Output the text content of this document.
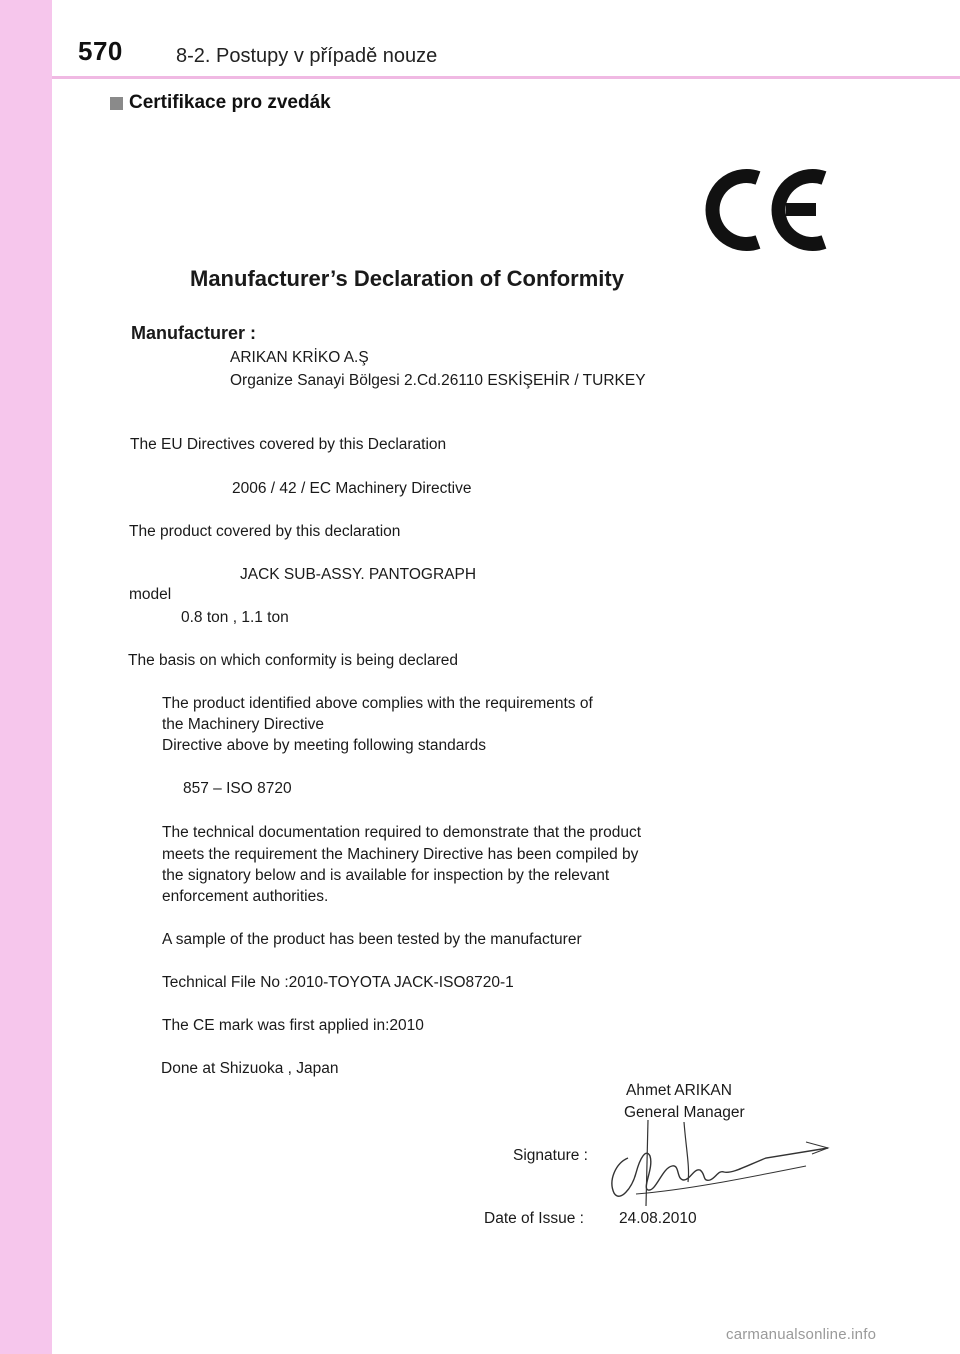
570	8-2. Postupy v případě nouze
Certifikace pro zvedák
Manufacturer’s Declaration of Conformity
Manufacturer :
ARIKAN KRİKO A.Ş
Organize Sanayi Bölgesi 2.Cd.26110 ESKİŞEHİR / TURKEY
The EU Directives covered by this Declaration
2006 / 42 / EC Machinery Directive
The product covered by this declaration
JACK SUB-ASSY. PANTOGRAPH
model
0.8 ton , 1.1 ton
The basis on which conformity is being declared
The product identified above complies with the requirements of
the Machinery Directive
Directive above by meeting following standards
857 – ISO 8720
The technical documentation required to demonstrate that the product
meets the requirement the Machinery Directive has been compiled by
the signatory below and is available for inspection by the relevant
enforcement authorities.
A sample of the product has been tested by the manufacturer
Technical File No :2010-TOYOTA JACK-ISO8720-1
The CE mark was first applied in:2010
Done at Shizuoka , Japan
Ahmet ARIKAN
General Manager
Signature :
Date of Issue : 24.08.2010
carmanualsonline.info
